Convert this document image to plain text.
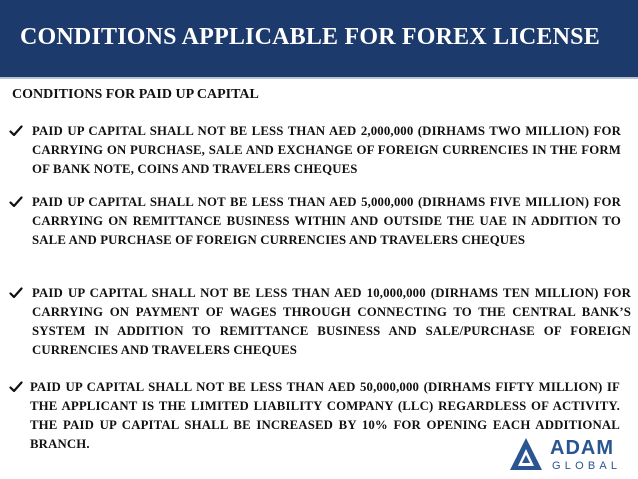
CONDITIONS APPLICABLE FOR FOREX LICENSE
CONDITIONS FOR PAID UP CAPITAL
PAID UP CAPITAL SHALL NOT BE LESS THAN AED 2,000,000 (DIRHAMS TWO MILLION) FOR CARRYING ON PURCHASE, SALE AND EXCHANGE OF FOREIGN CURRENCIES IN THE FORM OF BANK NOTE, COINS AND TRAVELERS CHEQUES
PAID UP CAPITAL SHALL NOT BE LESS THAN AED 5,000,000 (DIRHAMS FIVE MILLION) FOR CARRYING ON REMITTANCE BUSINESS WITHIN AND OUTSIDE THE UAE IN ADDITION TO SALE AND PURCHASE OF FOREIGN CURRENCIES AND TRAVELERS CHEQUES
PAID UP CAPITAL SHALL NOT BE LESS THAN AED 10,000,000 (DIRHAMS TEN MILLION) FOR CARRYING ON PAYMENT OF WAGES THROUGH CONNECTING TO THE CENTRAL BANK’S SYSTEM IN ADDITION TO REMITTANCE BUSINESS AND SALE/PURCHASE OF FOREIGN CURRENCIES AND TRAVELERS CHEQUES
PAID UP CAPITAL SHALL NOT BE LESS THAN AED 50,000,000 (DIRHAMS FIFTY MILLION) IF THE APPLICANT IS THE LIMITED LIABILITY COMPANY (LLC) REGARDLESS OF ACTIVITY. THE PAID UP CAPITAL SHALL BE INCREASED BY 10% FOR OPENING EACH ADDITIONAL BRANCH.	ADAM
GLOBAL
